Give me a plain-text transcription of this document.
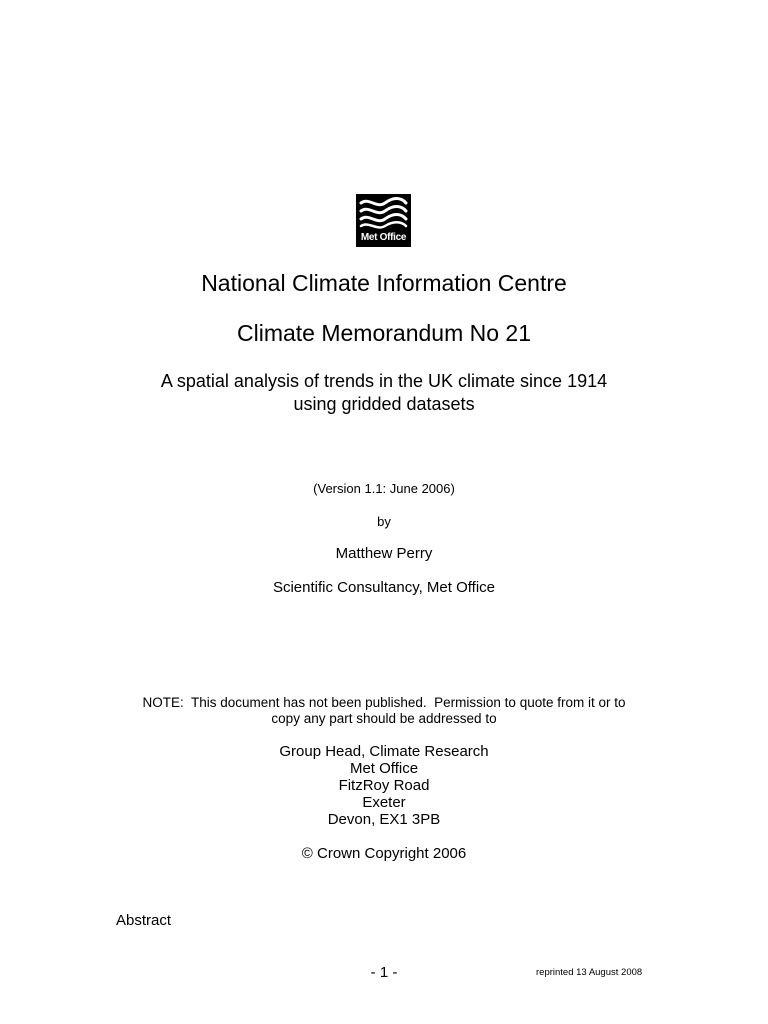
Met Office
National Climate Information Centre
Climate Memorandum No 21
A spatial analysis of trends in the UK climate since 1914
using gridded datasets
(Version 1.1: June 2006)
by
Matthew Perry
Scientific Consultancy, Met Office
NOTE:  This document has not been published.  Permission to quote from it or to
copy any part should be addressed to
Group Head, Climate Research
Met Office
FitzRoy Road
Exeter
Devon, EX1 3PB
© Crown Copyright 2006
Abstract
- 1 -	reprinted 13 August 2008
